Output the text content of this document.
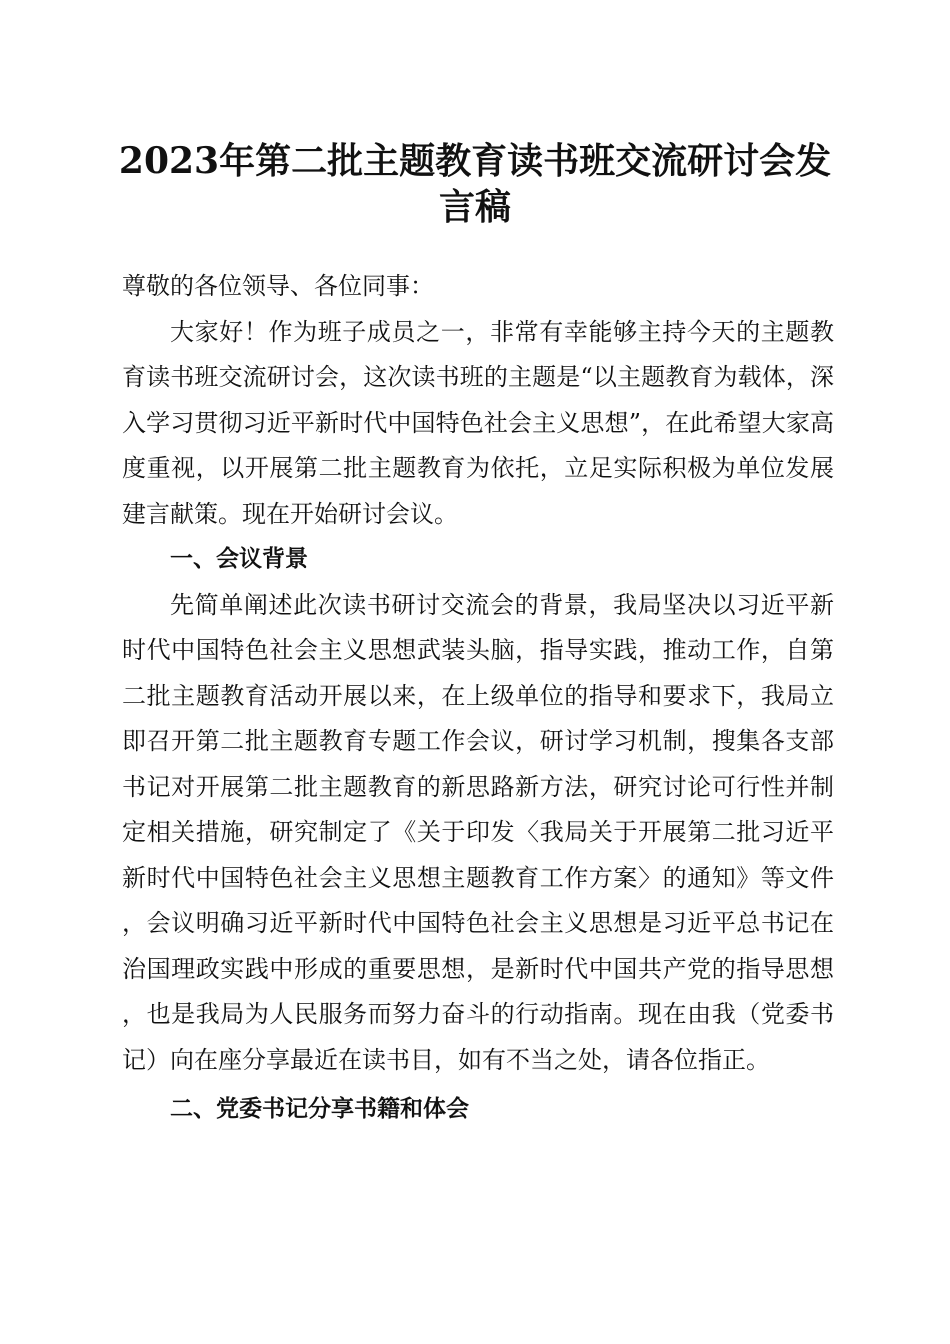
2023年第二批主题教育读书班交流研讨会发
言稿

尊敬的各位领导、各位同事：

大家好！作为班子成员之一，非常有幸能够主持今天的主题教育读书班交流研讨会，这次读书班的主题是“以主题教育为载体，深入学习贯彻习近平新时代中国特色社会主义思想”，在此希望大家高度重视，以开展第二批主题教育为依托，立足实际积极为单位发展建言献策。现在开始研讨会议。

一、会议背景

先简单阐述此次读书研讨交流会的背景，我局坚决以习近平新时代中国特色社会主义思想武装头脑，指导实践，推动工作，自第二批主题教育活动开展以来，在上级单位的指导和要求下，我局立即召开第二批主题教育专题工作会议，研讨学习机制，搜集各支部书记对开展第二批主题教育的新思路新方法，研究讨论可行性并制定相关措施，研究制定了《关于印发〈我局关于开展第二批习近平新时代中国特色社会主义思想主题教育工作方案〉的通知》等文件，会议明确习近平新时代中国特色社会主义思想是习近平总书记在治国理政实践中形成的重要思想，是新时代中国共产党的指导思想，也是我局为人民服务而努力奋斗的行动指南。现在由我（党委书记）向在座分享最近在读书目，如有不当之处，请各位指正。

二、党委书记分享书籍和体会
